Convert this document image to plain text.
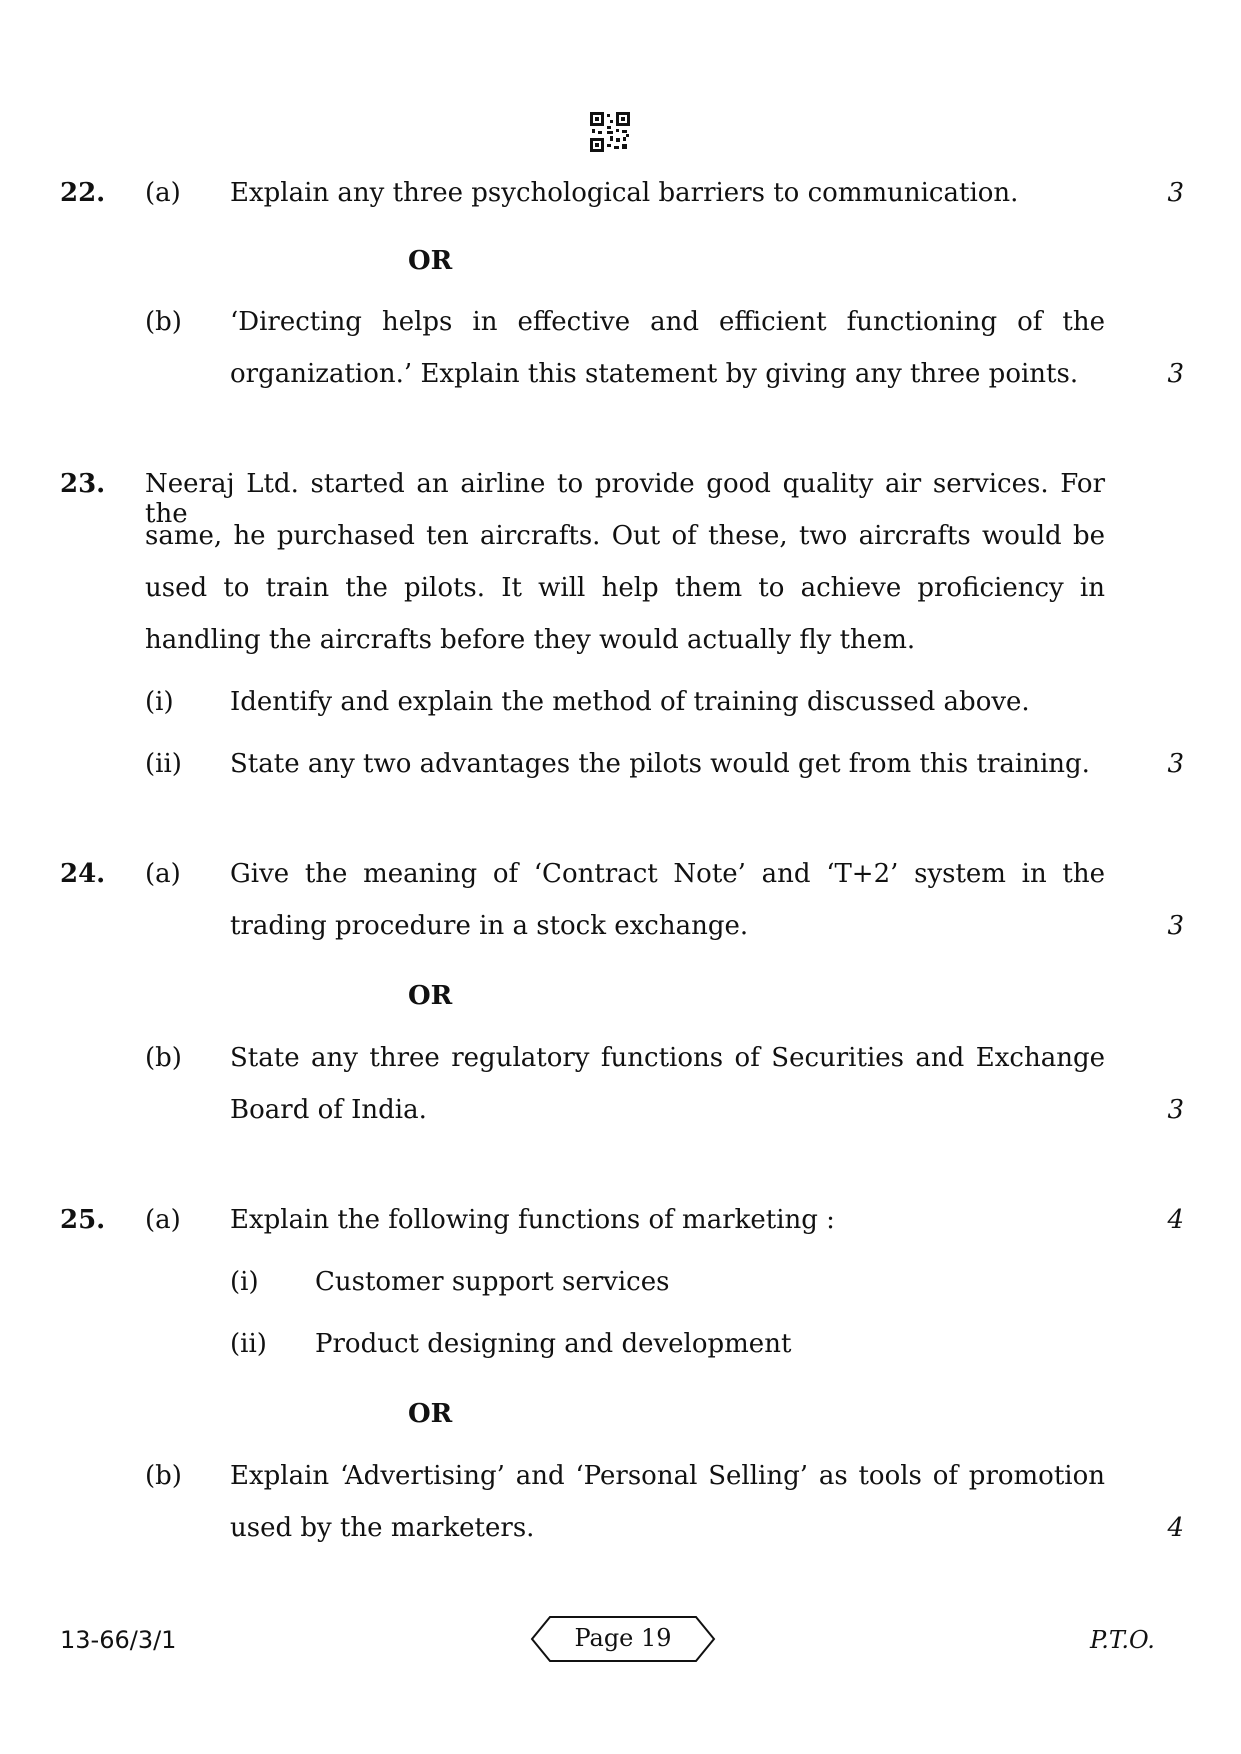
22. (a) Explain any three psychological barriers to communication.	3
OR
(b) ‘Directing helps in effective and efficient functioning of the
organization.’ Explain this statement by giving any three points.	3
23. Neeraj Ltd. started an airline to provide good quality air services. For the
same, he purchased ten aircrafts. Out of these, two aircrafts would be
used to train the pilots. It will help them to achieve proficiency in
handling the aircrafts before they would actually fly them.
(i) Identify and explain the method of training discussed above.
(ii) State any two advantages the pilots would get from this training.	3
24. (a) Give the meaning of ‘Contract Note’ and ‘T+2’ system in the
trading procedure in a stock exchange.	3
OR
(b) State any three regulatory functions of Securities and Exchange
Board of India.	3
25. (a) Explain the following functions of marketing :	4
(i) Customer support services
(ii) Product designing and development
OR
(b) Explain ‘Advertising’ and ‘Personal Selling’ as tools of promotion
used by the marketers.	4
13-66/3/1	Page 19	P.T.O.
